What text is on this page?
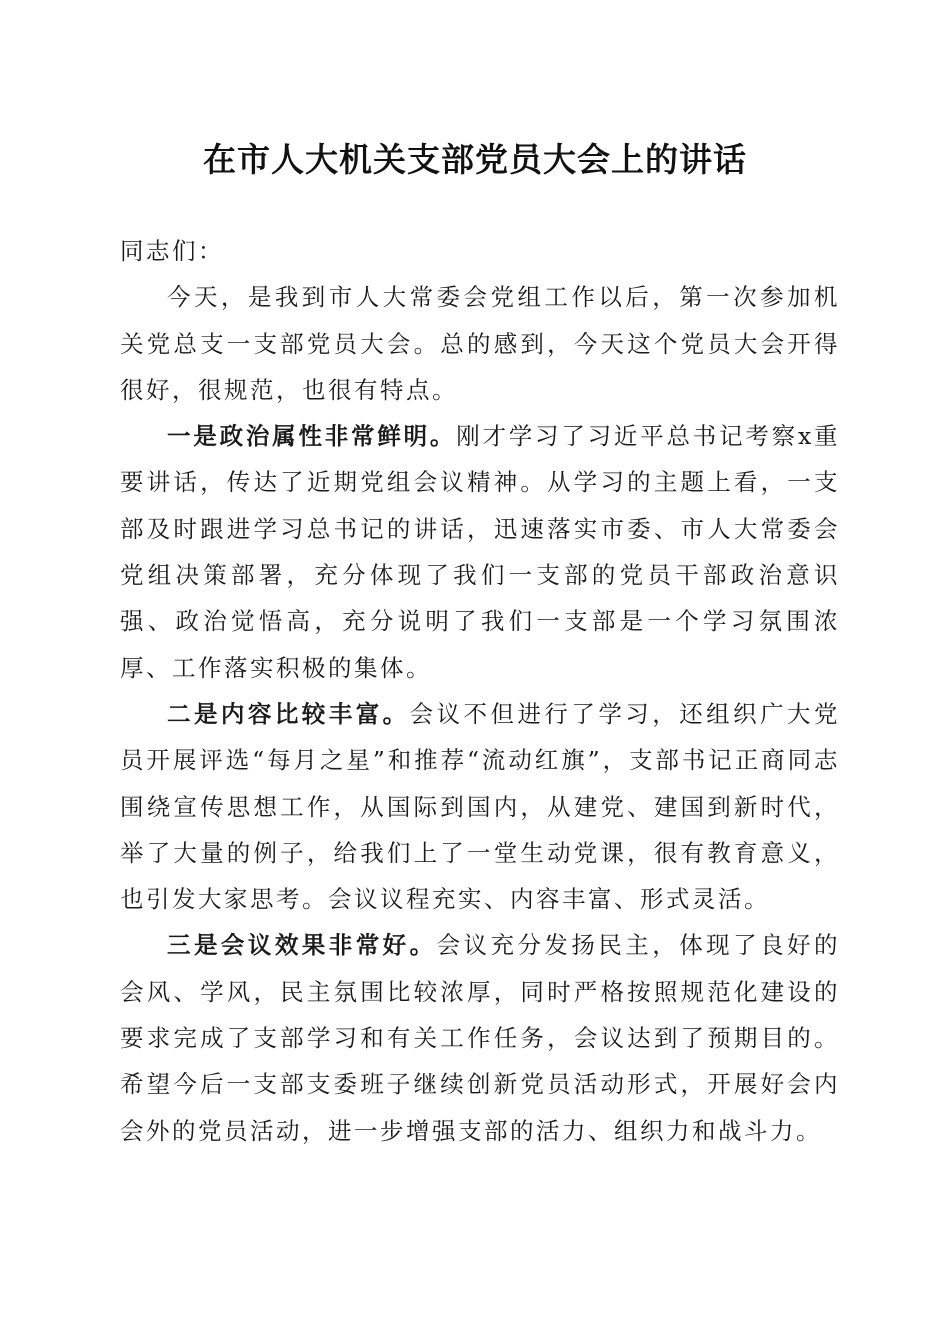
在市人大机关支部党员大会上的讲话

同志们：

今天，是我到市人大常委会党组工作以后，第一次参加机关党总支一支部党员大会。总的感到，今天这个党员大会开得很好，很规范，也很有特点。

一是政治属性非常鲜明。刚才学习了习近平总书记考察x重要讲话，传达了近期党组会议精神。从学习的主题上看，一支部及时跟进学习总书记的讲话，迅速落实市委、市人大常委会党组决策部署，充分体现了我们一支部的党员干部政治意识强、政治觉悟高，充分说明了我们一支部是一个学习氛围浓厚、工作落实积极的集体。

二是内容比较丰富。会议不但进行了学习，还组织广大党员开展评选“每月之星”和推荐“流动红旗”，支部书记正商同志围绕宣传思想工作，从国际到国内，从建党、建国到新时代，举了大量的例子，给我们上了一堂生动党课，很有教育意义，也引发大家思考。会议议程充实、内容丰富、形式灵活。

三是会议效果非常好。会议充分发扬民主，体现了良好的会风、学风，民主氛围比较浓厚，同时严格按照规范化建设的要求完成了支部学习和有关工作任务，会议达到了预期目的。希望今后一支部支委班子继续创新党员活动形式，开展好会内会外的党员活动，进一步增强支部的活力、组织力和战斗力。
